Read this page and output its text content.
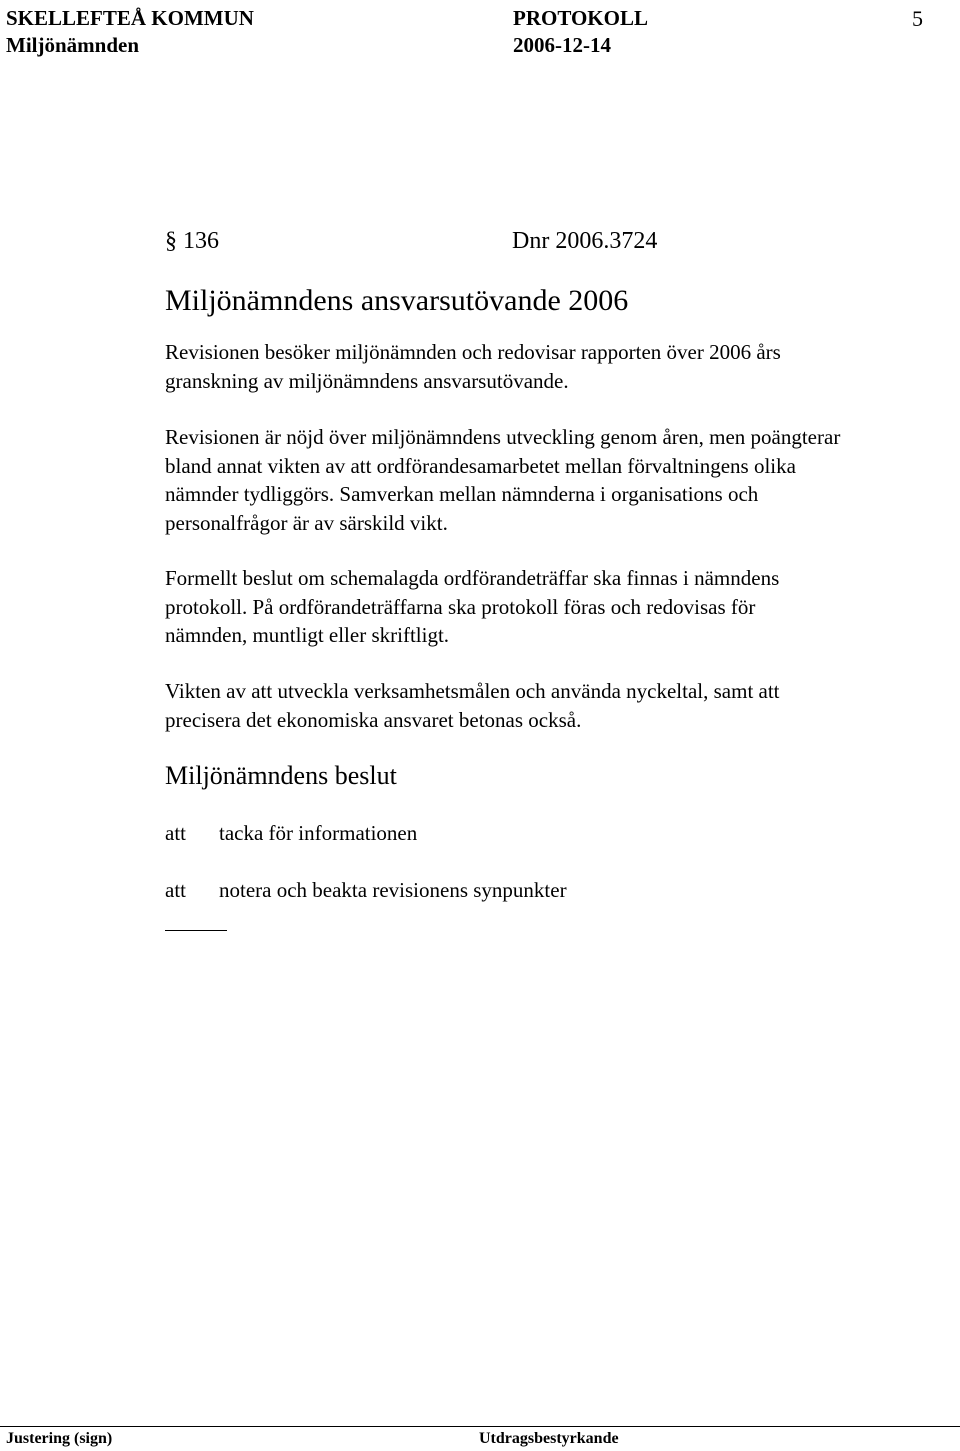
SKELLEFTEÅ KOMMUN	PROTOKOLL	5
Miljönämnden	2006-12-14
§ 136	Dnr 2006.3724
Miljönämndens ansvarsutövande 2006
Revisionen besöker miljönämnden och redovisar rapporten över 2006 års
granskning av miljönämndens ansvarsutövande.
Revisionen är nöjd över miljönämndens utveckling genom åren, men poängterar
bland annat vikten av att ordförandesamarbetet mellan förvaltningens olika
nämnder tydliggörs. Samverkan mellan nämnderna i organisations och
personalfrågor är av särskild vikt.
Formellt beslut om schemalagda ordförandeträffar ska finnas i nämndens
protokoll. På ordförandeträffarna ska protokoll föras och redovisas för
nämnden, muntligt eller skriftligt.
Vikten av att utveckla verksamhetsmålen och använda nyckeltal, samt att
precisera det ekonomiska ansvaret betonas också.
Miljönämndens beslut
att tacka för informationen
att notera och beakta revisionens synpunkter
Justering (sign)	Utdragsbestyrkande
